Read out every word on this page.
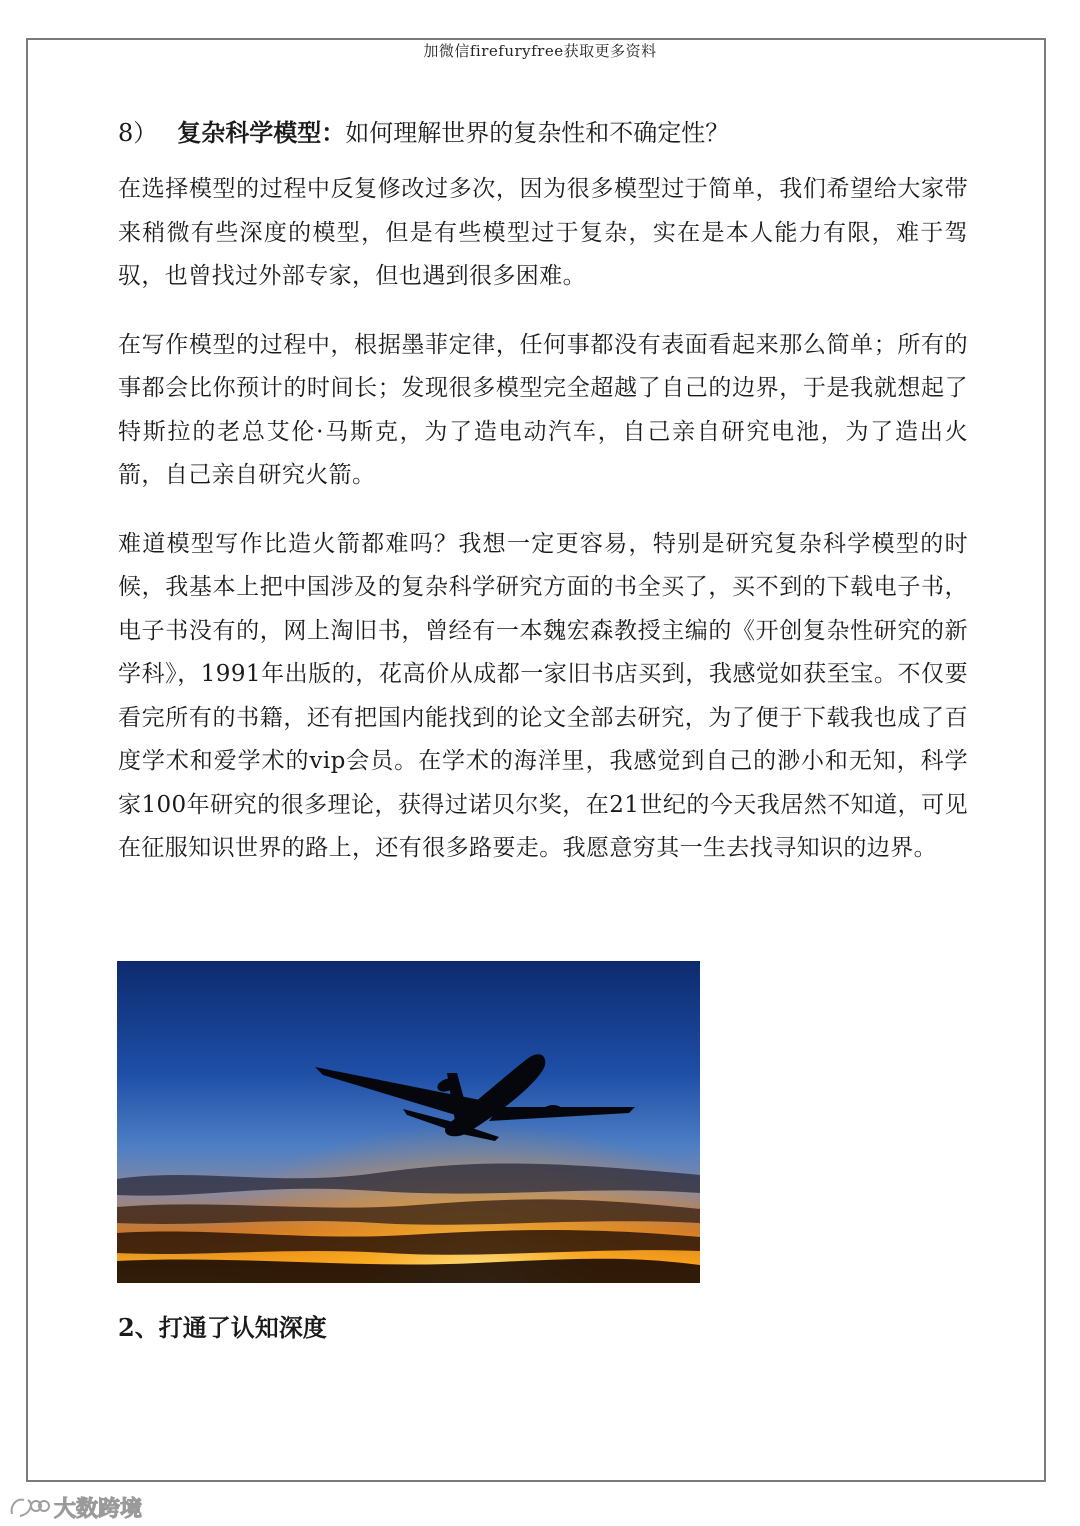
加微信firefuryfree获取更多资料
8） 复杂科学模型：如何理解世界的复杂性和不确定性？

在选择模型的过程中反复修改过多次，因为很多模型过于简单，我们希望给大家带来稍微有些深度的模型，但是有些模型过于复杂，实在是本人能力有限，难于驾驭，也曾找过外部专家，但也遇到很多困难。

在写作模型的过程中，根据墨菲定律，任何事都没有表面看起来那么简单；所有的事都会比你预计的时间长；发现很多模型完全超越了自己的边界，于是我就想起了特斯拉的老总艾伦·马斯克，为了造电动汽车，自己亲自研究电池，为了造出火箭，自己亲自研究火箭。

难道模型写作比造火箭都难吗？我想一定更容易，特别是研究复杂科学模型的时候，我基本上把中国涉及的复杂科学研究方面的书全买了，买不到的下载电子书，电子书没有的，网上淘旧书，曾经有一本魏宏森教授主编的《开创复杂性研究的新学科》，1991年出版的，花高价从成都一家旧书店买到，我感觉如获至宝。不仅要看完所有的书籍，还有把国内能找到的论文全部去研究，为了便于下载我也成了百度学术和爱学术的vip会员。在学术的海洋里，我感觉到自己的渺小和无知，科学家100年研究的很多理论，获得过诺贝尔奖，在21世纪的今天我居然不知道，可见在征服知识世界的路上，还有很多路要走。我愿意穷其一生去找寻知识的边界。

2、打通了认知深度
大数跨境
